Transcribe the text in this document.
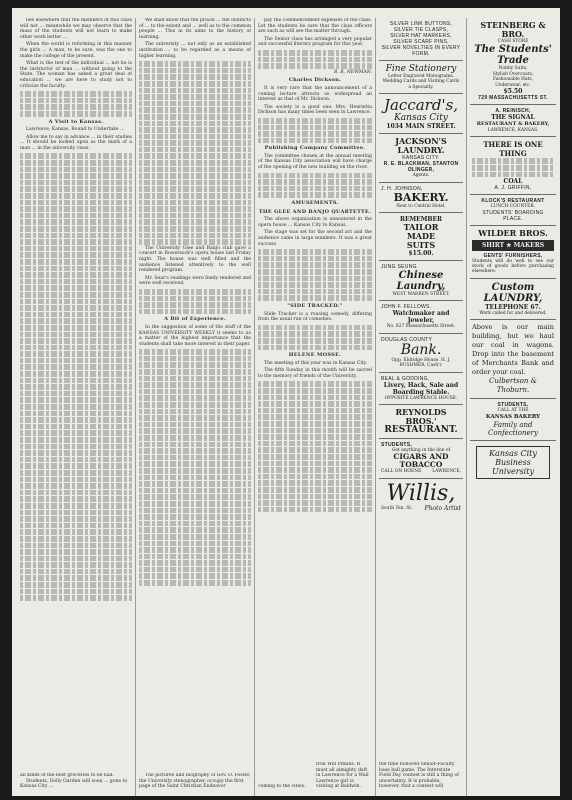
lies elsewhere that the members of this class will not ... meanwhile we may observe that the mass of the students will not learn to make other work better ...

When the world is reforming in this manner the girls ... A man, to be sure, was the one to make the college of the present.

What is the test of the individual ... not he is the instructor of man ... without going to the State. The woman has asked a great deal of education ... we are here to study not to criticize the faculty.

A Visit to Kansas.

Lawrence, Kansas, Bound to Undertake ...

Allow me to say in advance ... in their studies ... It should be looked upon as the mark of a man ... in the university class.

We shall know that the prison ... the instincts of ... to the extent and ... well as to the common people ... This in its aims to the history of learning.

The university ... not only as an established institution ... to be regarded as a means of higher learning.

The University Glee and Banjo club gave a concert in Bowersock's opera house last Friday night. The house was well filled and the audience listened attentively to the well rendered program.

Mr. Sear's readings were finely rendered and were well received.

A Bit of Experience.

In the suggestion of some of the staff of the KANSAS UNIVERSITY WEEKLY it seems to us a matter of the highest importance that the students shall take more interest in their paper.

pay the commencement expenses of the class. Let the students be sure that the class officers are such as will see the matter through.

The Senior class has arranged a very popular and successful literary program for this year.

B. R. NEWMAN.
Charles Dickson.

It is very rare that the announcement of a coming lecture attracts so widespread an interest as that of Mr. Dickson.

The society is a good one. Mrs. Henrietta Dickson has many times been seen in Lawrence.

Publishing Company Committee.

The committee chosen at the annual meeting of the Kansas City association will have charge of the opening of the new building on the river.

AMUSEMENTS.
THE GLEE AND BANJO QUARTETTE.

The above organization is announced in the opera house ... Kansas City to Kansas.

The stage was set for the second act and the audience came in large numbers. It was a great success.

"SIDE TRACKED."

Slide Tracker is a rousing comedy, differing from the usual run of comedies.

HELENE MOSSE.

The meeting of this year was in Kansas City.

The fifth Sunday in this month will be sacred to the memory of friends of the University.

SILVER LINK BUTTONS,
SILVER TIE CLASPS,
SILVER HAT MARKERS,
SILVER SCARF PINS,
SILVER NOVELTIES IN EVERY FORM.
Fine Stationery
Letter Engraved Monograms, Wedding Cards and Visiting Cards a Specialty.
Jaccard's,
Kansas City
1034 MAIN STREET.
JACKSON'S LAUNDRY.
KANSAS CITY.
R. E. BLACKMAN, STANTON OLINGER,
Agents.
J. H. JOHNSON,
BAKERY.
Next to Central Hotel.
REMEMBER
TAILOR
MADE
SUITS
$15.00.
JUNG SEUNG
Chinese Laundry,
WEST WARREN STREET.
JOHN F. FELLOWS,
Watchmaker and Jeweler,
No. 827 Massachusetts Street.
DOUGLAS COUNTY
Bank.
Opp. Eldridge House. H. J. RUSHMER, Cash'r.
BEAL & GODDING,
Livery, Hack, Sale and Boarding Stable.
OPPOSITE LAWRENCE HOUSE.
REYNOLDS BROS.'
RESTAURANT.
STUDENTS,
Get anything in the line of
CIGARS AND TOBACCO
CALL ON HOENE, LAWRENCE.
Willis,
South Ten. St. Photo Artist
STEINBERG & BRO.
CASH STORE
The Students' Trade
Nobby Suits,
Stylish Overcoats,
Fashionable Hats,
Underwear, etc.
$5.50
729 MASSACHUSETTS ST.
A. REINISCH,
THE SIGNAL
RESTAURANT & BAKERY,
LAWRENCE, KANSAS.
THERE IS ONE THING
COAL
A. J. GRIFFIN,
KLOCK'S RESTAURANT
LUNCH COUNTER.
STUDENTS' BOARDING PLACE.
WILDER BROS.
SHIRT ★ MAKERS
GENTS' FURNISHERS,
Students will do well to see our stock of goods before purchasing elsewhere.
Custom LAUNDRY,
TELEPHONE 67.
Work called for and delivered.
Above is our main building, but we haul our coal in wagons. Drop into the basement of Merchants Bank and order your coal.
Culbertson & Thoburn.
STUDENTS,
CALL AT THE
KANSAS BAKERY
Family and Confectionery
Kansas City Business University
all kinds of the best groceries to be had.
Students, Dolly Garden will soon ... gone to Kansas City ...
The pictures and biography of Gov. O. Foster, the University stenographer, occupy the first page of the Saint Christian Endeavor	coming to the cities.
Iron Will Pitkins. It must all almighty daft in Lawrence for a Wail Lawrence girl is visiting at Baldwin.
the time honored Senior-Faculty base ball game. The Interstate Field Day contest is still a thing of uncertainty. It is probable, however, that a contest will
